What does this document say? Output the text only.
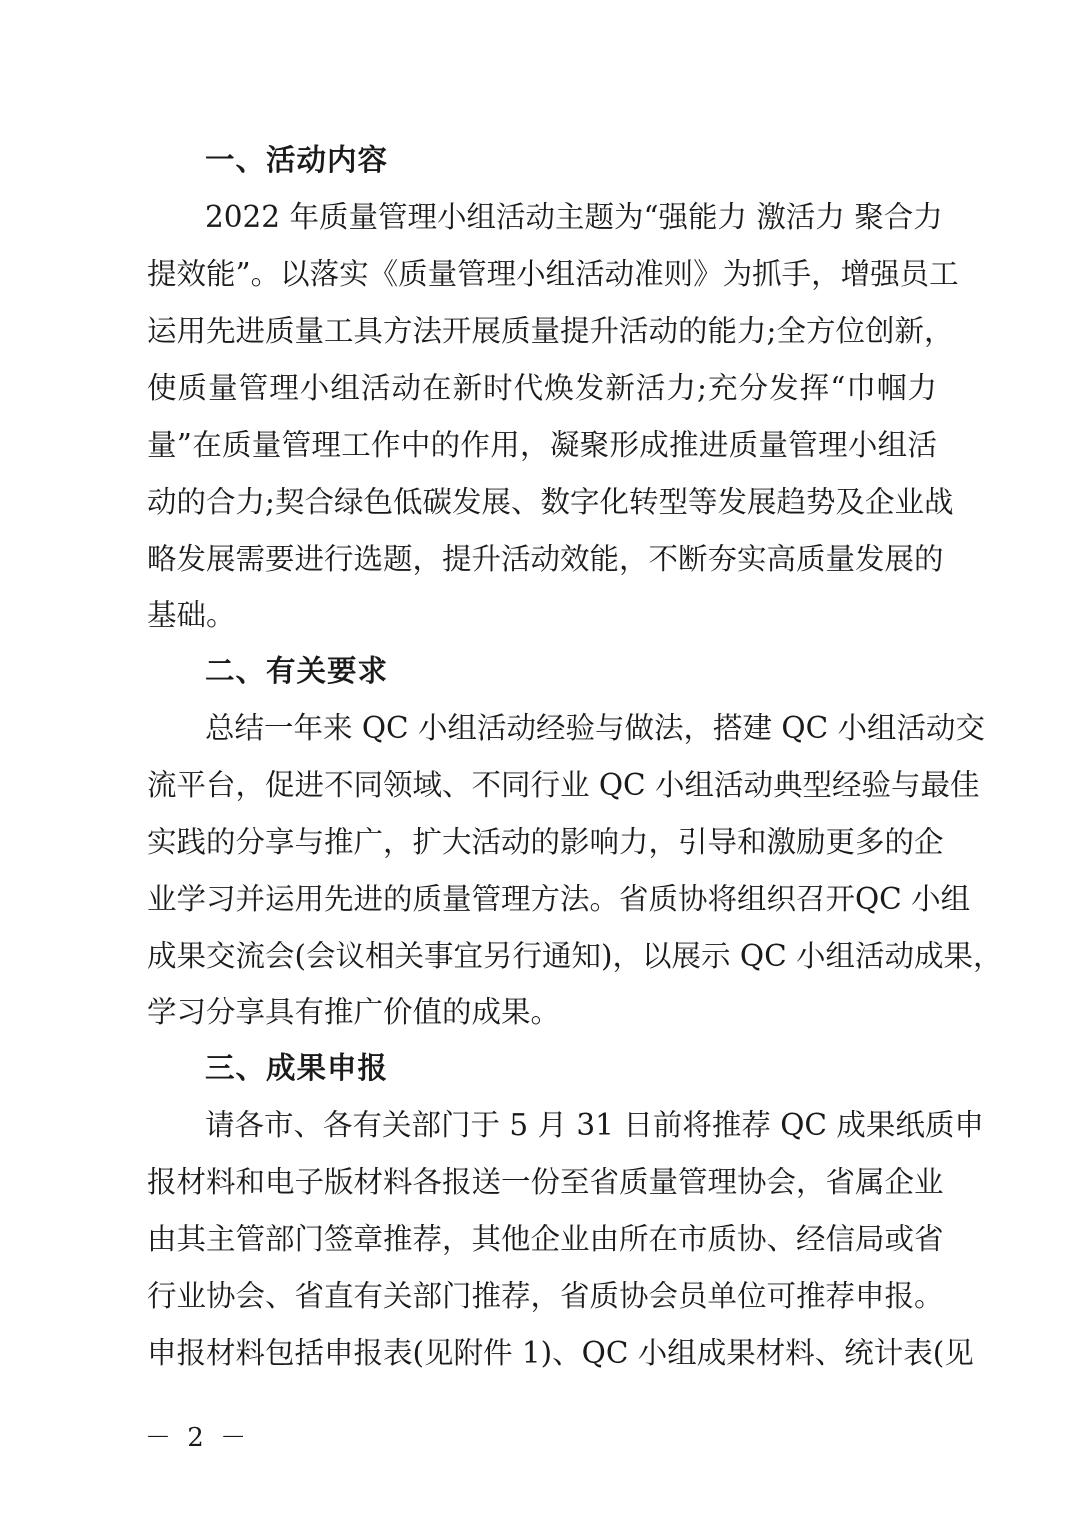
一、活动内容
2022 年质量管理小组活动主题为“强能力 激活力 聚合力
提效能”。以落实《质量管理小组活动准则》为抓手，增强员工
运用先进质量工具方法开展质量提升活动的能力;全方位创新，
使质量管理小组活动在新时代焕发新活力;充分发挥“巾帼力
量”在质量管理工作中的作用，凝聚形成推进质量管理小组活
动的合力;契合绿色低碳发展、数字化转型等发展趋势及企业战
略发展需要进行选题，提升活动效能，不断夯实高质量发展的
基础。
二、有关要求
总结一年来 QC 小组活动经验与做法，搭建 QC 小组活动交
流平台，促进不同领域、不同行业 QC 小组活动典型经验与最佳
实践的分享与推广，扩大活动的影响力，引导和激励更多的企
业学习并运用先进的质量管理方法。省质协将组织召开QC 小组
成果交流会(会议相关事宜另行通知)，以展示 QC 小组活动成果，
学习分享具有推广价值的成果。
三、成果申报
请各市、各有关部门于 5 月 31 日前将推荐 QC 成果纸质申
报材料和电子版材料各报送一份至省质量管理协会，省属企业
由其主管部门签章推荐，其他企业由所在市质协、经信局或省
行业协会、省直有关部门推荐，省质协会员单位可推荐申报。
申报材料包括申报表(见附件 1)、QC 小组成果材料、统计表(见
－ 2 －
